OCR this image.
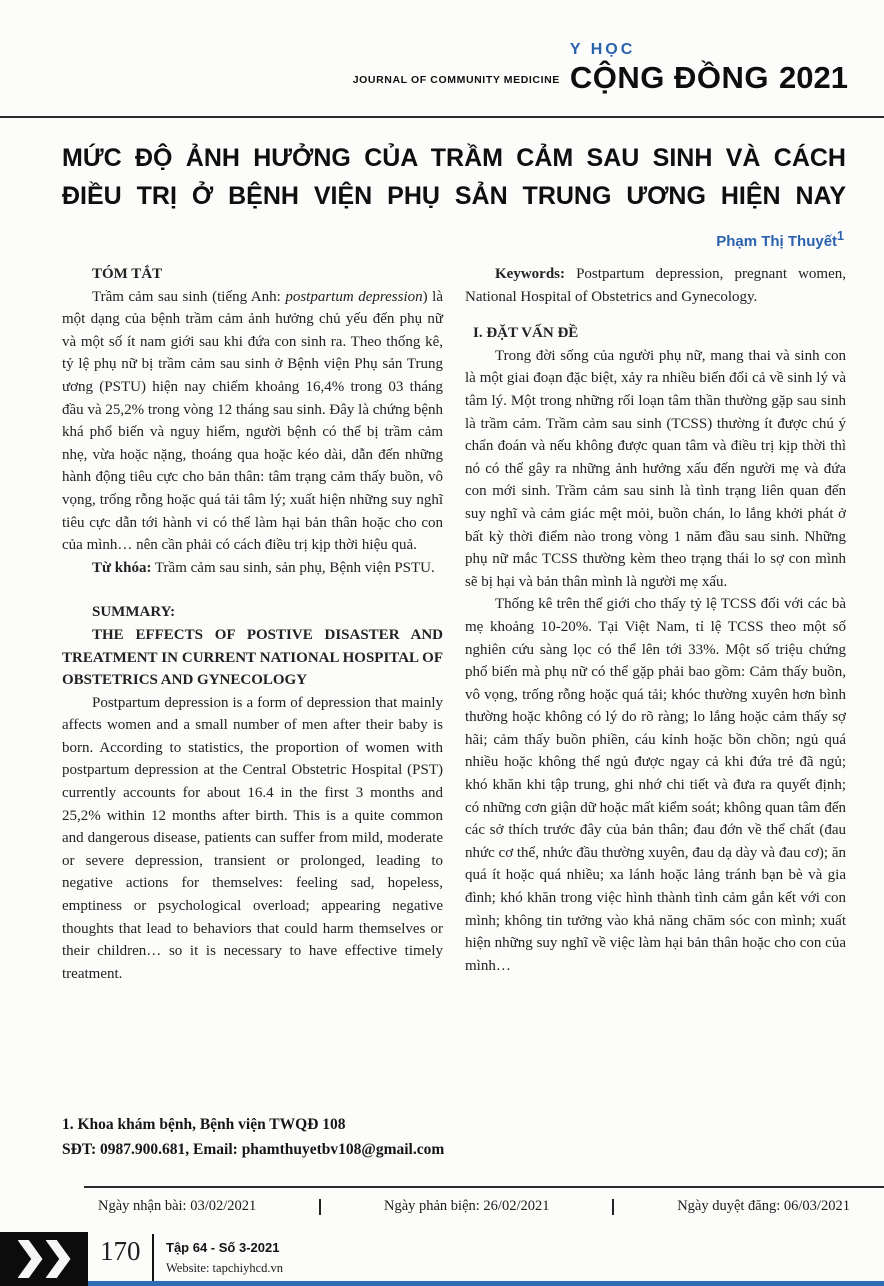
JOURNAL OF COMMUNITY MEDICINE
Y HỌC
CỘNG ĐỒNG 2021
MỨC ĐỘ ẢNH HƯỞNG CỦA TRẦM CẢM SAU SINH VÀ CÁCH
ĐIỀU TRỊ Ở BỆNH VIỆN PHỤ SẢN TRUNG ƯƠNG HIỆN NAY
Phạm Thị Thuyết$^1$
TÓM TẮT

Trầm cảm sau sinh (tiếng Anh: postpartum depression) là một dạng của bệnh trầm cảm ảnh hưởng chủ yếu đến phụ nữ và một số ít nam giới sau khi đứa con sinh ra. Theo thống kê, tỷ lệ phụ nữ bị trầm cảm sau sinh ở Bệnh viện Phụ sản Trung ương (PSTU) hiện nay chiếm khoảng 16,4% trong 03 tháng đầu và 25,2% trong vòng 12 tháng sau sinh. Đây là chứng bệnh khá phổ biến và nguy hiểm, người bệnh có thể bị trầm cảm nhẹ, vừa hoặc nặng, thoáng qua hoặc kéo dài, dẫn đến những hành động tiêu cực cho bản thân: tâm trạng cảm thấy buồn, vô vọng, trống rỗng hoặc quá tải tâm lý; xuất hiện những suy nghĩ tiêu cực dẫn tới hành vi có thể làm hại bản thân hoặc cho con của mình… nên cần phải có cách điều trị kịp thời hiệu quả.

Từ khóa: Trầm cảm sau sinh, sản phụ, Bệnh viện PSTU.

SUMMARY:
THE EFFECTS OF POSTIVE DISASTER AND TREATMENT IN CURRENT NATIONAL HOSPITAL OF OBSTETRICS AND GYNECOLOGY

Postpartum depression is a form of depression that mainly affects women and a small number of men after their baby is born. According to statistics, the proportion of women with postpartum depression at the Central Obstetric Hospital (PST) currently accounts for about 16.4 in the first 3 months and 25,2% within 12 months after birth. This is a quite common and dangerous disease, patients can suffer from mild, moderate or severe depression, transient or prolonged, leading to negative actions for themselves: feeling sad, hopeless, emptiness or psychological overload; appearing negative thoughts that lead to behaviors that could harm themselves or their children… so it is necessary to have effective timely treatment.

Keywords: Postpartum depression, pregnant women, National Hospital of Obstetrics and Gynecology.

I. ĐẶT VẤN ĐỀ

Trong đời sống của người phụ nữ, mang thai và sinh con là một giai đoạn đặc biệt, xảy ra nhiều biến đổi cả về sinh lý và tâm lý. Một trong những rối loạn tâm thần thường gặp sau sinh là trầm cảm. Trầm cảm sau sinh (TCSS) thường ít được chú ý chẩn đoán và nếu không được quan tâm và điều trị kịp thời thì nó có thể gây ra những ảnh hưởng xấu đến người mẹ và đứa con mới sinh. Trầm cảm sau sinh là tình trạng liên quan đến suy nghĩ và cảm giác mệt mỏi, buồn chán, lo lắng khởi phát ở bất kỳ thời điểm nào trong vòng 1 năm đầu sau sinh. Những phụ nữ mắc TCSS thường kèm theo trạng thái lo sợ con mình sẽ bị hại và bản thân mình là người mẹ xấu.

Thống kê trên thế giới cho thấy tỷ lệ TCSS đối với các bà mẹ khoảng 10-20%. Tại Việt Nam, tỉ lệ TCSS theo một số nghiên cứu sàng lọc có thể lên tới 33%. Một số triệu chứng phổ biến mà phụ nữ có thể gặp phải bao gồm: Cảm thấy buồn, vô vọng, trống rỗng hoặc quá tải; khóc thường xuyên hơn bình thường hoặc không có lý do rõ ràng; lo lắng hoặc cảm thấy sợ hãi; cảm thấy buồn phiền, cáu kỉnh hoặc bồn chồn; ngủ quá nhiều hoặc không thể ngủ được ngay cả khi đứa trẻ đã ngủ; khó khăn khi tập trung, ghi nhớ chi tiết và đưa ra quyết định; có những cơn giận dữ hoặc mất kiểm soát; không quan tâm đến các sở thích trước đây của bản thân; đau đớn về thể chất (đau nhức cơ thể, nhức đầu thường xuyên, đau dạ dày và đau cơ); ăn quá ít hoặc quá nhiều; xa lánh hoặc lảng tránh bạn bè và gia đình; khó khăn trong việc hình thành tình cảm gắn kết với con mình; không tin tưởng vào khả năng chăm sóc con mình; xuất hiện những suy nghĩ về việc làm hại bản thân hoặc cho con của mình…

1. Khoa khám bệnh, Bệnh viện TWQĐ 108
SĐT: 0987.900.681, Email: phamthuyetbv108@gmail.com
Ngày nhận bài: 03/02/2021	Ngày phản biện: 26/02/2021	Ngày duyệt đăng: 06/03/2021
170 Tập 64 - Số 3-2021
Website: tapchiyhcd.vn
